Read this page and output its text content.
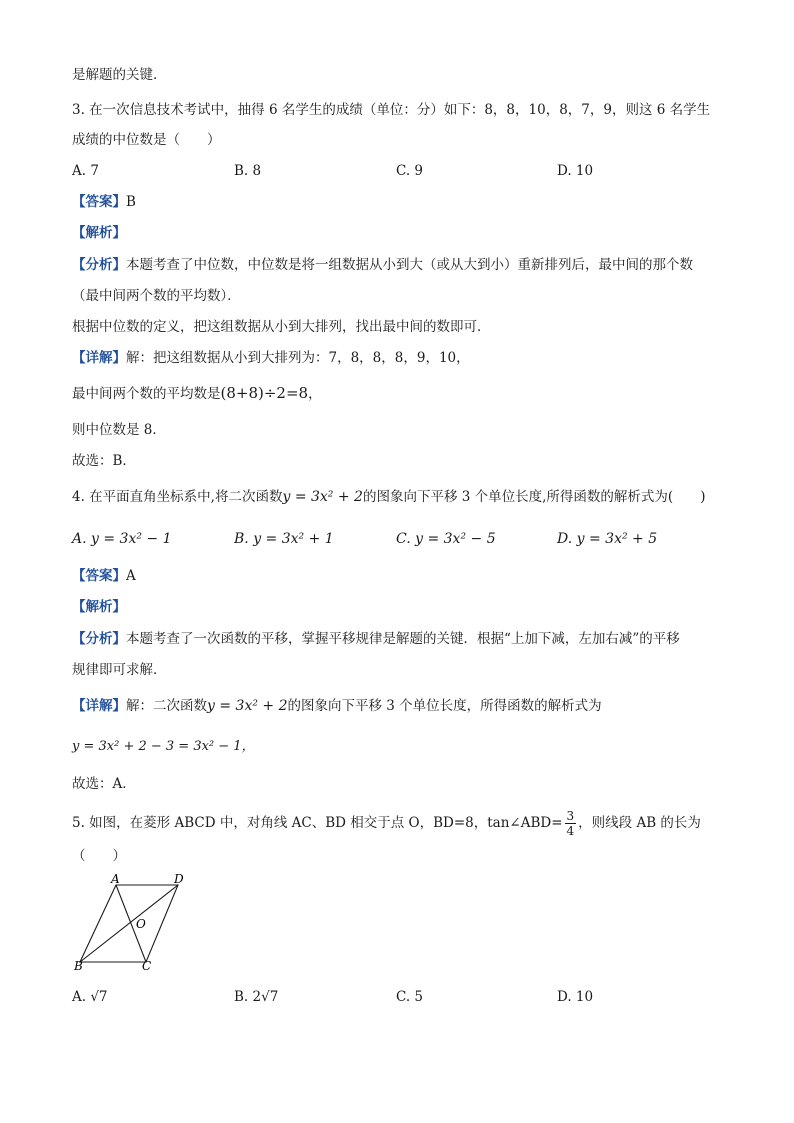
是解题的关键．
3. 在一次信息技术考试中，抽得 6 名学生的成绩（单位：分）如下：8，8，10，8，7，9，则这 6 名学生
成绩的中位数是（　　）
A. 7	B. 8	C. 9	D. 10
【答案】B
【解析】
【分析】本题考查了中位数，中位数是将一组数据从小到大（或从大到小）重新排列后，最中间的那个数
（最中间两个数的平均数）．
根据中位数的定义，把这组数据从小到大排列，找出最中间的数即可．
【详解】解：把这组数据从小到大排列为：7，8，8，8，9，10，
最中间两个数的平均数是(8+8)÷2=8，
则中位数是 8．
故选：B．
4. 在平面直角坐标系中,将二次函数y = 3x² + 2的图象向下平移 3 个单位长度,所得函数的解析式为(　　)
A. y = 3x² − 1	B. y = 3x² + 1	C. y = 3x² − 5	D. y = 3x² + 5
【答案】A
【解析】
【分析】本题考查了一次函数的平移，掌握平移规律是解题的关键．根据“上加下减，左加右减”的平移
规律即可求解．
【详解】解：二次函数y = 3x² + 2的图象向下平移 3 个单位长度，所得函数的解析式为
y = 3x² + 2 − 3 = 3x² − 1，
故选：A．
5. 如图，在菱形 ABCD 中，对角线 AC、BD 相交于点 O，BD=8，tan∠ABD= $\frac{3}{4}$ ，则线段 AB 的长为
（　　）
A	D
O
B	C
A. √7	B. 2√7	C. 5	D. 10
